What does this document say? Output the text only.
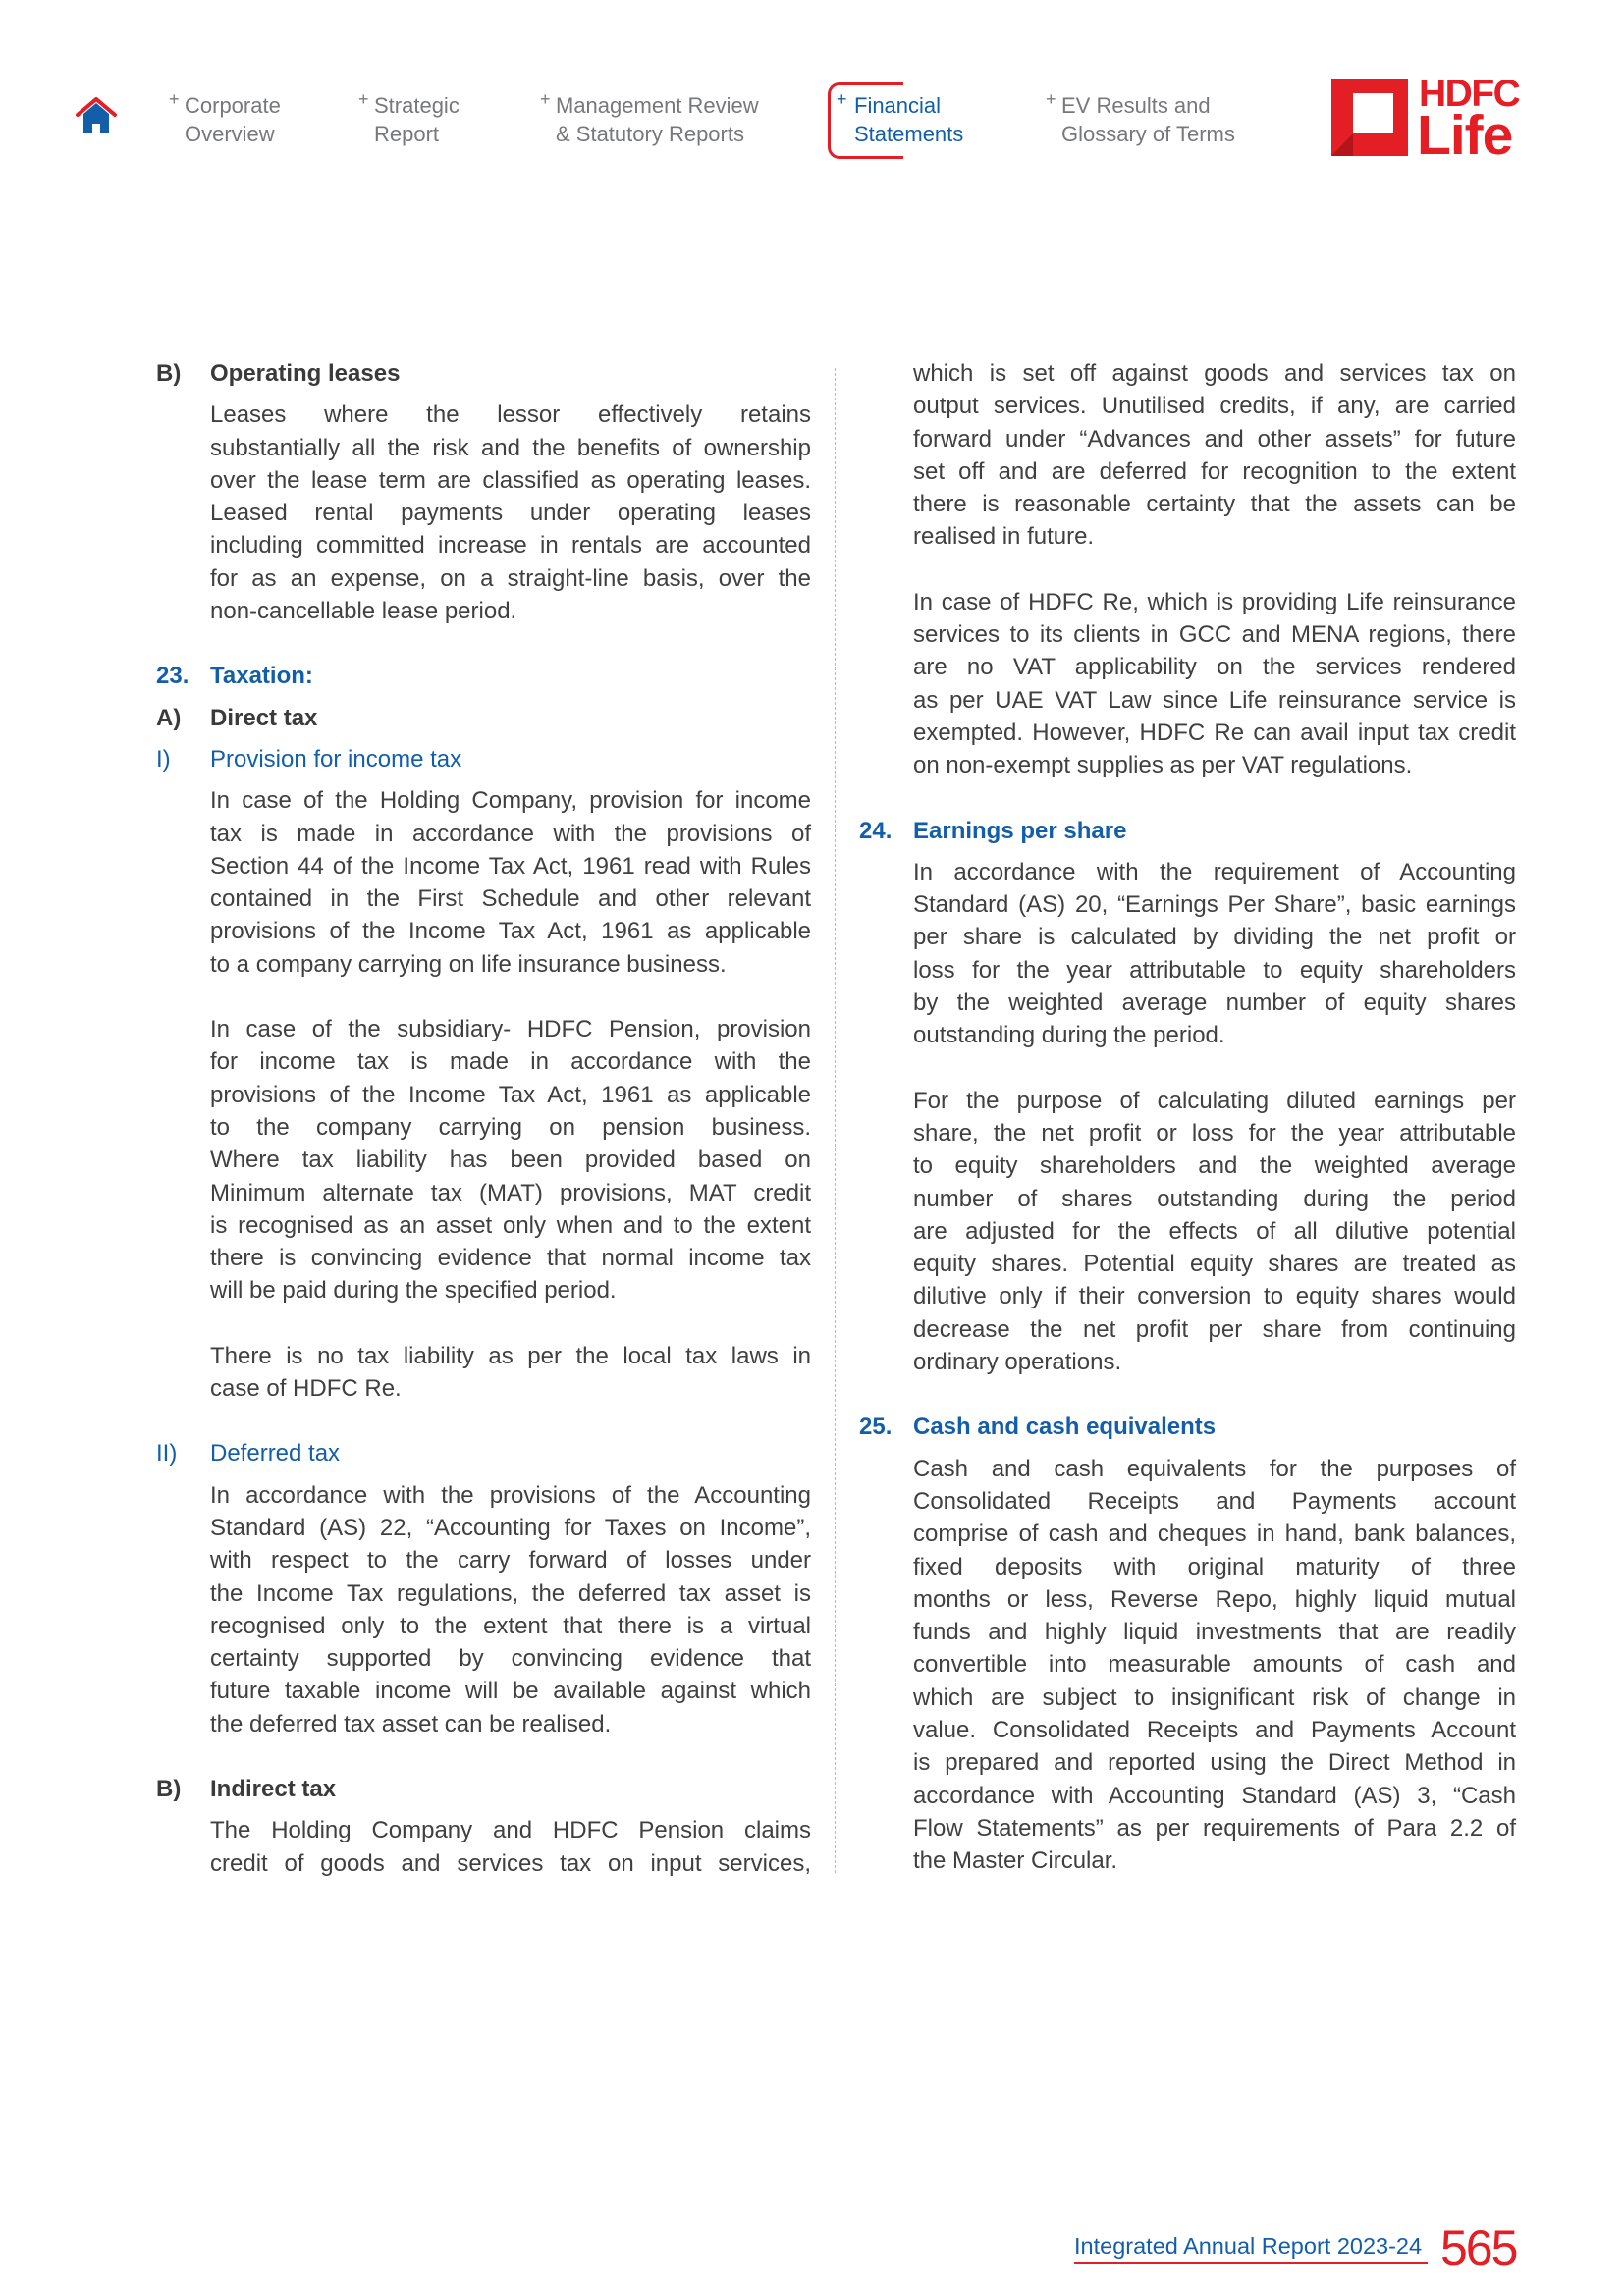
+ Corporate
Overview
+ Strategic
Report
+ Management Review
& Statutory Reports
+ Financial
Statements
+ EV Results and
Glossary of Terms
HDFC
Life
B) Operating leases
Leases where the lessor effectively retains
substantially all the risk and the benefits of ownership
over the lease term are classified as operating leases.
Leased rental payments under operating leases
including committed increase in rentals are accounted
for as an expense, on a straight-line basis, over the
non-cancellable lease period.
23. Taxation:
A) Direct tax
I) Provision for income tax
In case of the Holding Company, provision for income
tax is made in accordance with the provisions of
Section 44 of the Income Tax Act, 1961 read with Rules
contained in the First Schedule and other relevant
provisions of the Income Tax Act, 1961 as applicable
to a company carrying on life insurance business.
In case of the subsidiary- HDFC Pension, provision
for income tax is made in accordance with the
provisions of the Income Tax Act, 1961 as applicable
to the company carrying on pension business.
Where tax liability has been provided based on
Minimum alternate tax (MAT) provisions, MAT credit
is recognised as an asset only when and to the extent
there is convincing evidence that normal income tax
will be paid during the specified period.
There is no tax liability as per the local tax laws in
case of HDFC Re.
II) Deferred tax
In accordance with the provisions of the Accounting
Standard (AS) 22, “Accounting for Taxes on Income”,
with respect to the carry forward of losses under
the Income Tax regulations, the deferred tax asset is
recognised only to the extent that there is a virtual
certainty supported by convincing evidence that
future taxable income will be available against which
the deferred tax asset can be realised.
B) Indirect tax
The Holding Company and HDFC Pension claims
credit of goods and services tax on input services,
which is set off against goods and services tax on
output services. Unutilised credits, if any, are carried
forward under “Advances and other assets” for future
set off and are deferred for recognition to the extent
there is reasonable certainty that the assets can be
realised in future.
In case of HDFC Re, which is providing Life reinsurance
services to its clients in GCC and MENA regions, there
are no VAT applicability on the services rendered
as per UAE VAT Law since Life reinsurance service is
exempted. However, HDFC Re can avail input tax credit
on non-exempt supplies as per VAT regulations.
24. Earnings per share
In accordance with the requirement of Accounting
Standard (AS) 20, “Earnings Per Share”, basic earnings
per share is calculated by dividing the net profit or
loss for the year attributable to equity shareholders
by the weighted average number of equity shares
outstanding during the period.
For the purpose of calculating diluted earnings per
share, the net profit or loss for the year attributable
to equity shareholders and the weighted average
number of shares outstanding during the period
are adjusted for the effects of all dilutive potential
equity shares. Potential equity shares are treated as
dilutive only if their conversion to equity shares would
decrease the net profit per share from continuing
ordinary operations.
25. Cash and cash equivalents
Cash and cash equivalents for the purposes of
Consolidated Receipts and Payments account
comprise of cash and cheques in hand, bank balances,
fixed deposits with original maturity of three
months or less, Reverse Repo, highly liquid mutual
funds and highly liquid investments that are readily
convertible into measurable amounts of cash and
which are subject to insignificant risk of change in
value. Consolidated Receipts and Payments Account
is prepared and reported using the Direct Method in
accordance with Accounting Standard (AS) 3, “Cash
Flow Statements” as per requirements of Para 2.2 of
the Master Circular.
Integrated Annual Report 2023-24 565
